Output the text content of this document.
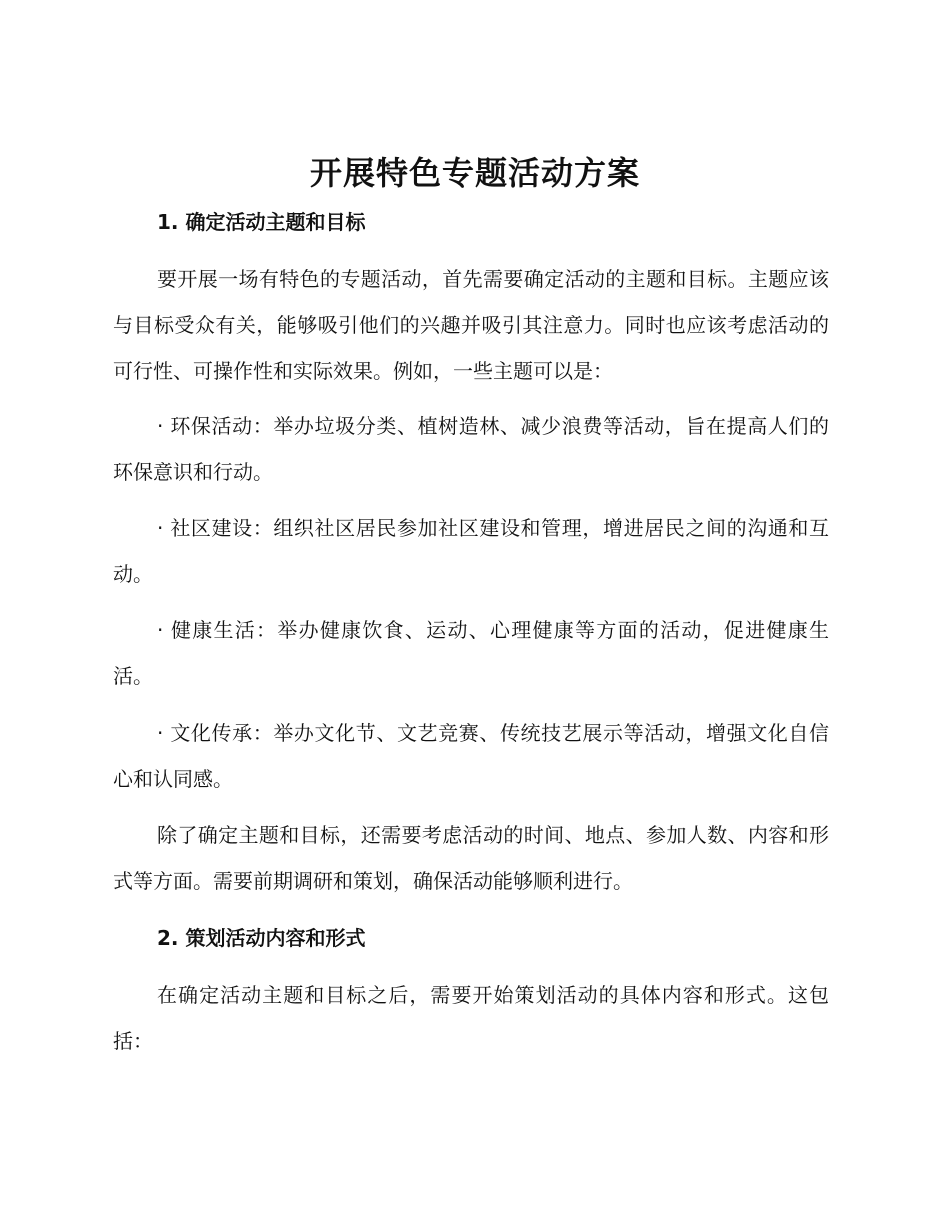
开展特色专题活动方案
1. 确定活动主题和目标

要开展一场有特色的专题活动，首先需要确定活动的主题和目标。主题应该与目标受众有关，能够吸引他们的兴趣并吸引其注意力。同时也应该考虑活动的可行性、可操作性和实际效果。例如，一些主题可以是：

· 环保活动：举办垃圾分类、植树造林、减少浪费等活动，旨在提高人们的环保意识和行动。

· 社区建设：组织社区居民参加社区建设和管理，增进居民之间的沟通和互动。

· 健康生活：举办健康饮食、运动、心理健康等方面的活动，促进健康生活。

· 文化传承：举办文化节、文艺竞赛、传统技艺展示等活动，增强文化自信心和认同感。

除了确定主题和目标，还需要考虑活动的时间、地点、参加人数、内容和形式等方面。需要前期调研和策划，确保活动能够顺利进行。

2. 策划活动内容和形式

在确定活动主题和目标之后，需要开始策划活动的具体内容和形式。这包括：
